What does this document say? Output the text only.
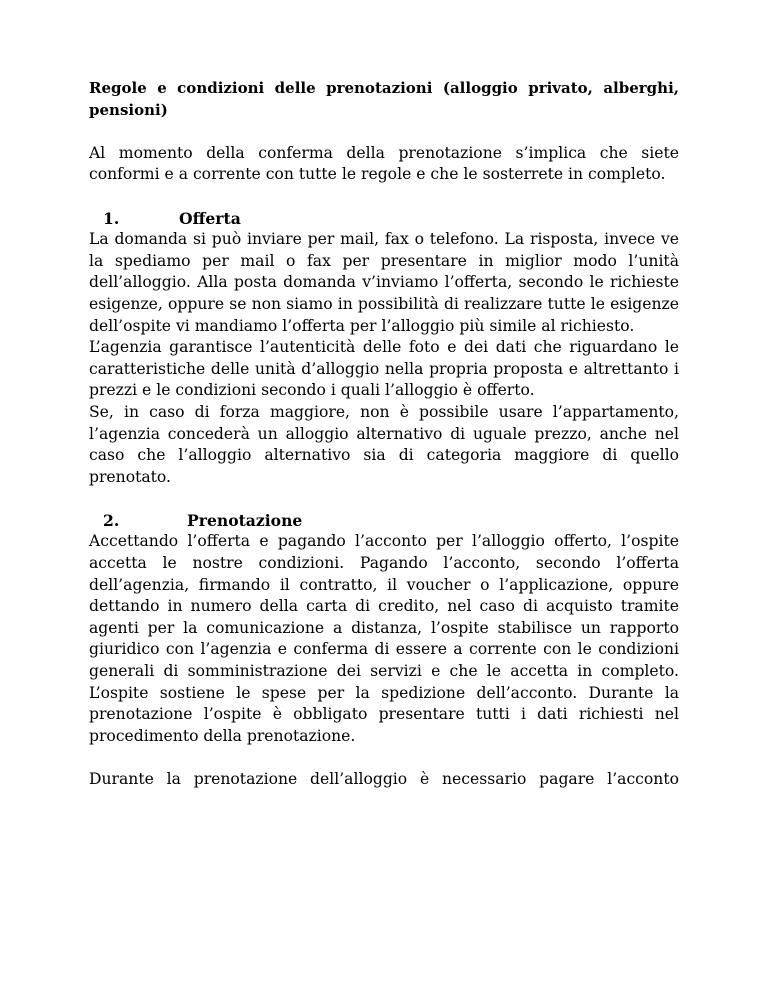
Regole e condizioni delle prenotazioni (alloggio privato, alberghi, pensioni)

Al momento della conferma della prenotazione s’implica che siete conformi e a corrente con tutte le regole e che le sosterrete in completo.

1.	Offerta

La domanda si può inviare per mail, fax o telefono. La risposta, invece ve la spediamo per mail o fax per presentare in miglior modo l’unità dell’alloggio. Alla posta domanda v’inviamo l’offerta, secondo le richieste esigenze, oppure se non siamo in possibilità di realizzare tutte le esigenze dell’ospite vi mandiamo l’offerta per l’alloggio più simile al richiesto.

L’agenzia garantisce l’autenticità delle foto e dei dati che riguardano le caratteristiche delle unità d’alloggio nella propria proposta e altrettanto i prezzi e le condizioni secondo i quali l’alloggio è offerto.

Se, in caso di forza maggiore, non è possibile usare l’appartamento, l’agenzia concederà un alloggio alternativo di uguale prezzo, anche nel caso che l’alloggio alternativo sia di categoria maggiore di quello prenotato.

2.	Prenotazione

Accettando l’offerta e pagando l’acconto per l’alloggio offerto, l’ospite accetta le nostre condizioni. Pagando l’acconto, secondo l’offerta dell’agenzia, firmando il contratto, il voucher o l’applicazione, oppure dettando in numero della carta di credito, nel caso di acquisto tramite agenti per la comunicazione a distanza, l’ospite stabilisce un rapporto giuridico con l’agenzia e conferma di essere a corrente con le condizioni generali di somministrazione dei servizi e che le accetta in completo. L’ospite sostiene le spese per la spedizione dell’acconto. Durante la prenotazione l’ospite è obbligato presentare tutti i dati richiesti nel procedimento della prenotazione.

Durante la prenotazione dell’alloggio è necessario pagare l’acconto
